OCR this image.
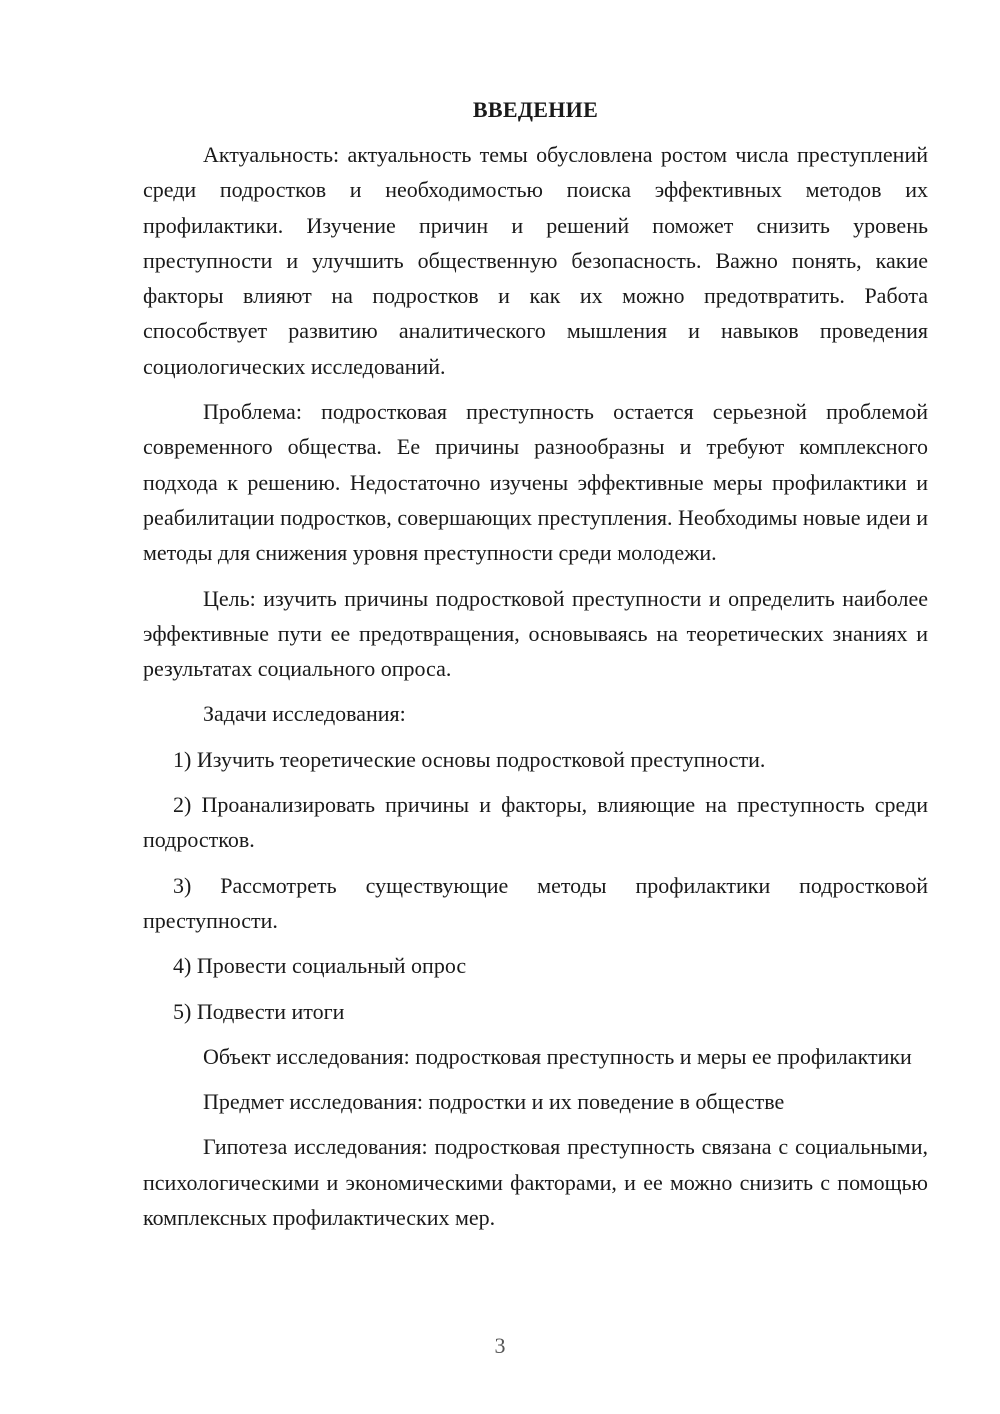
ВВЕДЕНИЕ

Актуальность: актуальность темы обусловлена ростом числа преступлений среди подростков и необходимостью поиска эффективных методов их профилактики. Изучение причин и решений поможет снизить уровень преступности и улучшить общественную безопасность. Важно понять, какие факторы влияют на подростков и как их можно предотвратить. Работа способствует развитию аналитического мышления и навыков проведения социологических исследований.

Проблема: подростковая преступность остается серьезной проблемой современного общества. Ее причины разнообразны и требуют комплексного подхода к решению. Недостаточно изучены эффективные меры профилактики и реабилитации подростков, совершающих преступления. Необходимы новые идеи и методы для снижения уровня преступности среди молодежи.

Цель: изучить причины подростковой преступности и определить наиболее эффективные пути ее предотвращения, основываясь на теоретических знаниях и результатах социального опроса.

Задачи исследования:

1) Изучить теоретические основы подростковой преступности.

2) Проанализировать причины и факторы, влияющие на преступность среди подростков.

3) Рассмотреть существующие методы профилактики подростковой преступности.

4) Провести социальный опрос

5) Подвести итоги

Объект исследования: подростковая преступность и меры ее профилактики

Предмет исследования: подростки и их поведение в обществе

Гипотеза исследования: подростковая преступность связана с социальными, психологическими и экономическими факторами, и ее можно снизить с помощью комплексных профилактических мер.

3
